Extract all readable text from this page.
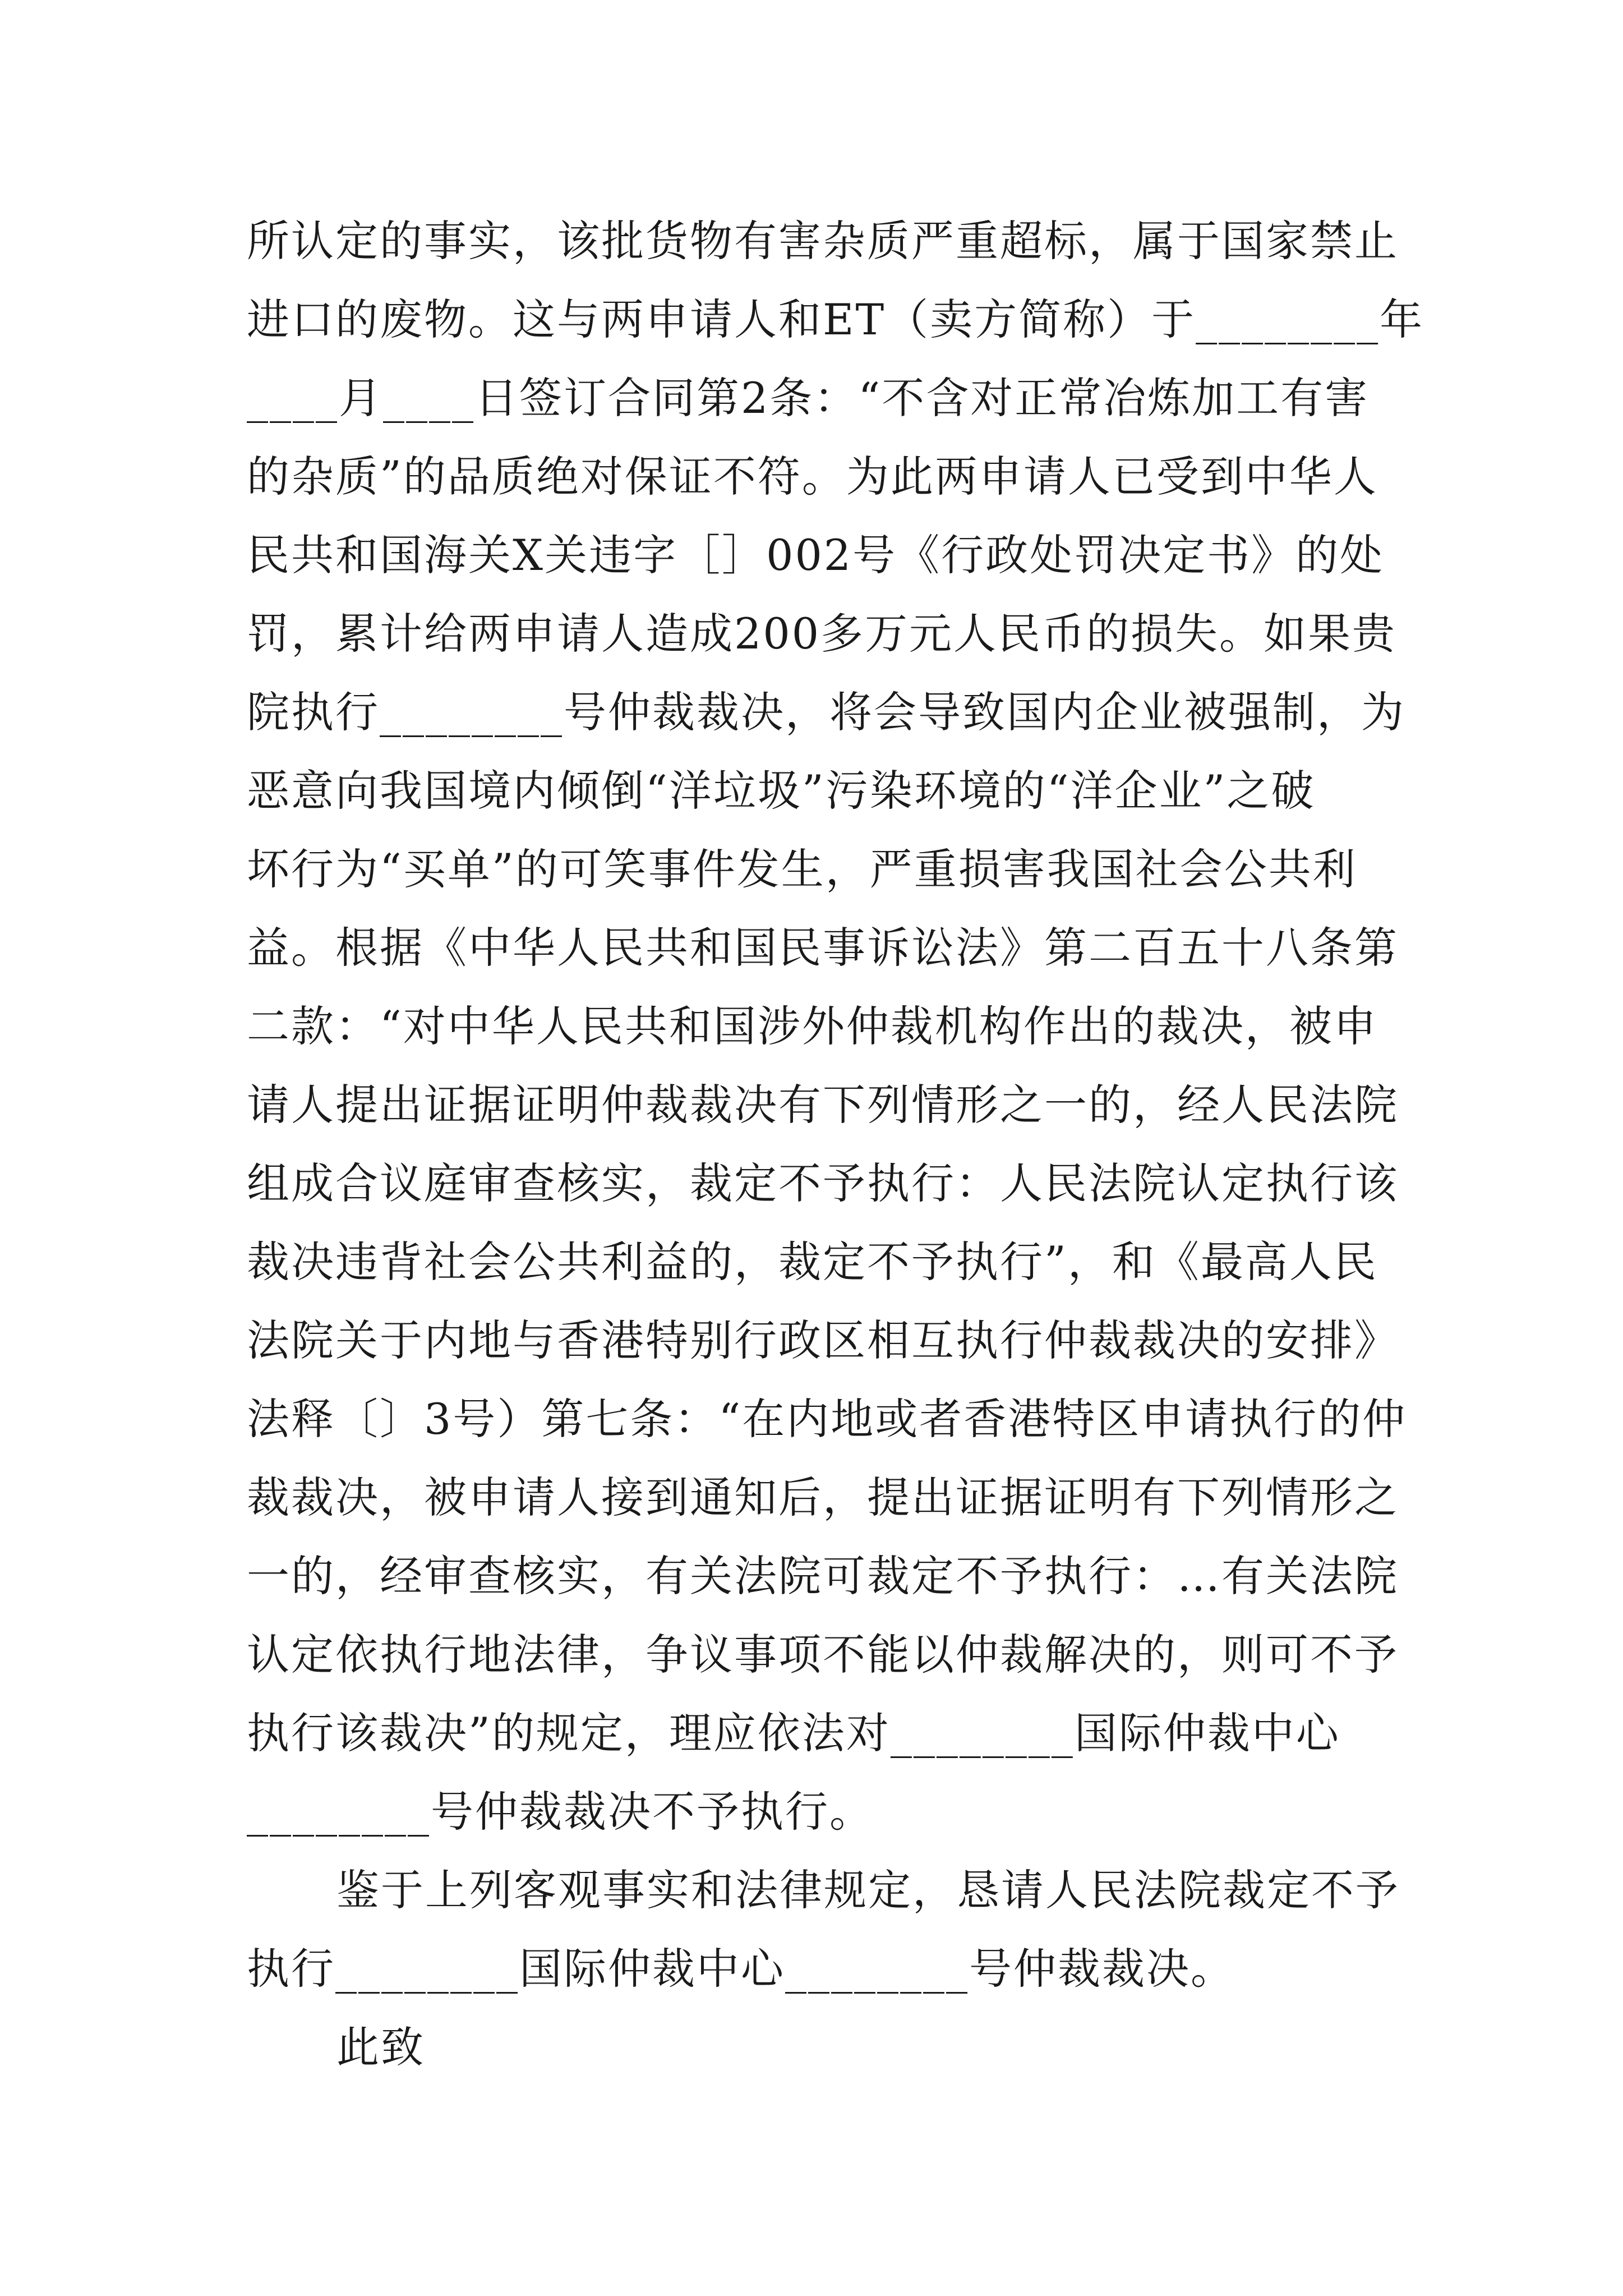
所认定的事实，该批货物有害杂质严重超标，属于国家禁止
进口的废物。这与两申请人和ET（卖方简称）于________年
____月____日签订合同第2条：“不含对正常冶炼加工有害
的杂质”的品质绝对保证不符。为此两申请人已受到中华人
民共和国海关X关违字［］002号《行政处罚决定书》的处
罚，累计给两申请人造成200多万元人民币的损失。如果贵
院执行________号仲裁裁决，将会导致国内企业被强制，为
恶意向我国境内倾倒“洋垃圾”污染环境的“洋企业”之破
坏行为“买单”的可笑事件发生，严重损害我国社会公共利
益。根据《中华人民共和国民事诉讼法》第二百五十八条第
二款：“对中华人民共和国涉外仲裁机构作出的裁决，被申
请人提出证据证明仲裁裁决有下列情形之一的，经人民法院
组成合议庭审查核实，裁定不予执行：人民法院认定执行该
裁决违背社会公共利益的，裁定不予执行”，和《最高人民
法院关于内地与香港特别行政区相互执行仲裁裁决的安排》
法释〔〕3号）第七条：“在内地或者香港特区申请执行的仲
裁裁决，被申请人接到通知后，提出证据证明有下列情形之
一的，经审查核实，有关法院可裁定不予执行：…有关法院
认定依执行地法律，争议事项不能以仲裁解决的，则可不予
执行该裁决”的规定，理应依法对________国际仲裁中心
________号仲裁裁决不予执行。
鉴于上列客观事实和法律规定，恳请人民法院裁定不予
执行________国际仲裁中心________号仲裁裁决。
此致
